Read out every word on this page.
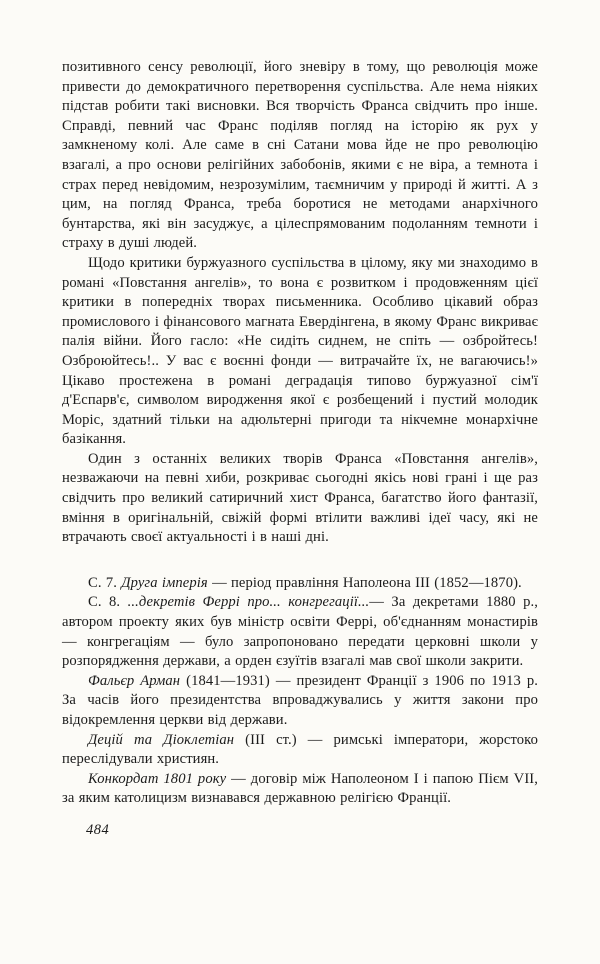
позитивного сенсу революції, його зневіру в тому, що революція може привести до демократичного перетворення суспільства. Але нема ніяких підстав робити такі висновки. Вся творчість Франса свідчить про інше. Справді, певний час Франс поділяв погляд на історію як рух у замкненому колі. Але саме в сні Сатани мова йде не про революцію взагалі, а про основи релігійних забобонів, якими є не віра, а темнота і страх перед невідомим, незрозумілим, таємничим у природі й житті. А з цим, на погляд Франса, треба боротися не методами анархічного бунтарства, які він засуджує, а цілеспрямованим подоланням темноти і страху в душі людей.

Щодо критики буржуазного суспільства в цілому, яку ми знаходимо в романі «Повстання ангелів», то вона є розвитком і продовженням цієї критики в попередніх творах письменника. Особливо цікавий образ промислового і фінансового магната Евердінгена, в якому Франс викриває палія війни. Його гасло: «Не сидіть сиднем, не спіть — озбройтесь! Озброюйтесь!.. У вас є воєнні фонди — витрачайте їх, не вагаючись!» Цікаво простежена в романі деградація типово буржуазної сім'ї д'Еспарв'є, символом виродження якої є розбещений і пустий молодик Моріс, здатний тільки на адюльтерні пригоди та нікчемне монархічне базікання.

Один з останніх великих творів Франса «Повстання ангелів», незважаючи на певні хиби, розкриває сьогодні якісь нові грані і ще раз свідчить про великий сатиричний хист Франса, багатство його фантазії, вміння в оригінальній, свіжій формі втілити важливі ідеї часу, які не втрачають своєї актуальності і в наші дні.

С. 7. Друга імперія — період правління Наполеона III (1852—1870).

С. 8. ...декретів Феррі про... конгрегації...— За декретами 1880 р., автором проекту яких був міністр освіти Феррі, об'єднанням монастирів — конгрегаціям — було запропоновано передати церковні школи у розпорядження держави, а орден єзуїтів взагалі мав свої школи закрити.

Фальєр Арман (1841—1931) — президент Франції з 1906 по 1913 р. За часів його президентства впроваджувались у життя закони про відокремлення церкви від держави.

Децій та Діоклетіан (III ст.) — римські імператори, жорстоко переслідували християн.

Конкордат 1801 року — договір між Наполеоном I і папою Пієм VII, за яким католицизм визнавався державною релігією Франції.

484
